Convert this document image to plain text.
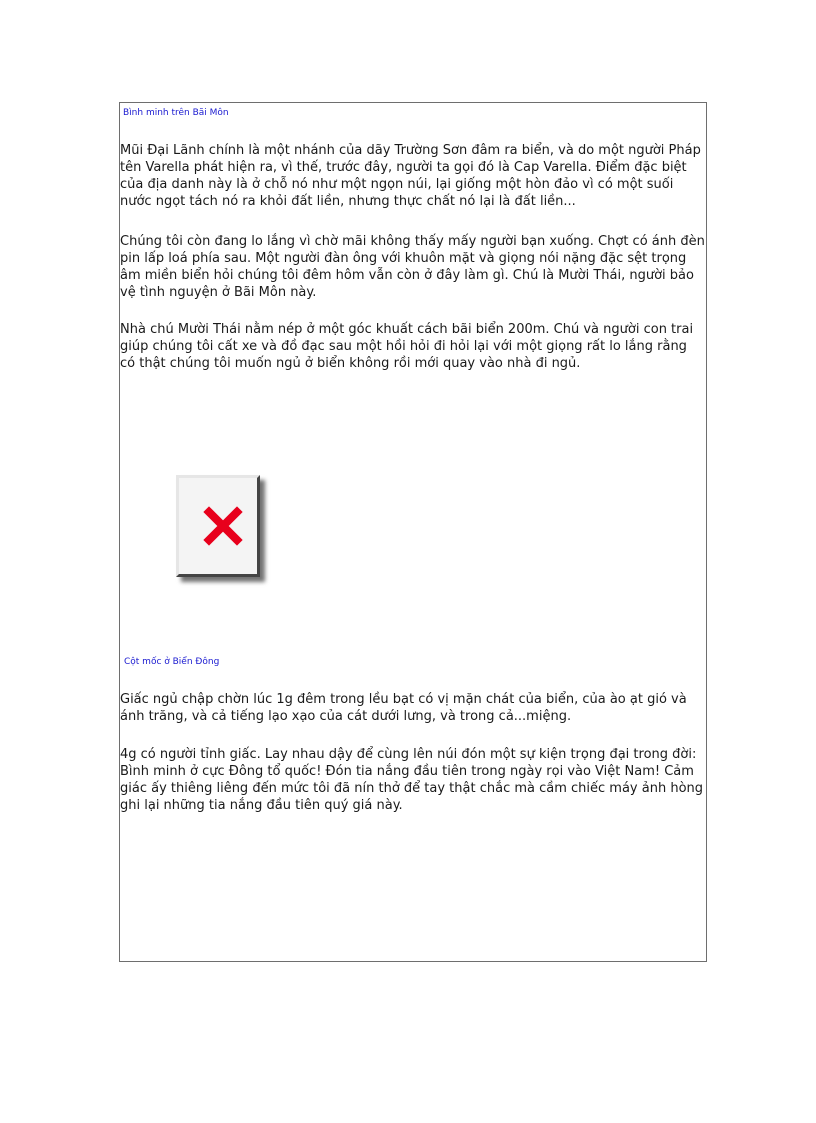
Bình minh trên Bãi Môn

Mũi Đại Lãnh chính là một nhánh của dãy Trường Sơn đâm ra biển, và do một người Pháp tên Varella phát hiện ra, vì thế, trước đây, người ta gọi đó là Cap Varella. Điểm đặc biệt của địa danh này là ở chỗ nó như một ngọn núi, lại giống một hòn đảo vì có một suối nước ngọt tách nó ra khỏi đất liền, nhưng thực chất nó lại là đất liền...

Chúng tôi còn đang lo lắng vì chờ mãi không thấy mấy người bạn xuống. Chợt có ánh đèn pin lấp loá phía sau. Một người đàn ông với khuôn mặt và giọng nói nặng đặc sệt trọng âm miền biển hỏi chúng tôi đêm hôm vẫn còn ở đây làm gì. Chú là Mười Thái, người bảo vệ tình nguyện ở Bãi Môn này.

Nhà chú Mười Thái nằm nép ở một góc khuất cách bãi biển 200m. Chú và người con trai giúp chúng tôi cất xe và đồ đạc sau một hồi hỏi đi hỏi lại với một giọng rất lo lắng rằng có thật chúng tôi muốn ngủ ở biển không rồi mới quay vào nhà đi ngủ.

Cột mốc ở Biển Đông

Giấc ngủ chập chờn lúc 1g đêm trong lều bạt có vị mặn chát của biển, của ào ạt gió và ánh trăng, và cả tiếng lạo xạo của cát dưới lưng, và trong cả...miệng.

4g có người tỉnh giấc. Lay nhau dậy để cùng lên núi đón một sự kiện trọng đại trong đời: Bình minh ở cực Đông tổ quốc! Đón tia nắng đầu tiên trong ngày rọi vào Việt Nam! Cảm giác ấy thiêng liêng đến mức tôi đã nín thở để tay thật chắc mà cầm chiếc máy ảnh hòng ghi lại những tia nắng đầu tiên quý giá này.
